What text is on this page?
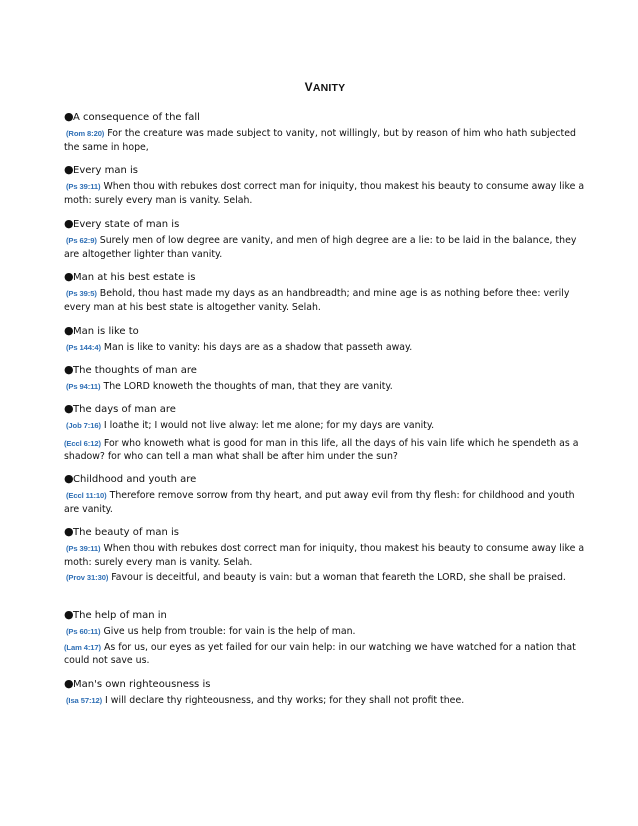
VANITY
●A consequence of the fall
(Rom 8:20) For the creature was made subject to vanity, not willingly, but by reason of him who hath subjected the same in hope,
●Every man is
(Ps 39:11) When thou with rebukes dost correct man for iniquity, thou makest his beauty to consume away like a moth: surely every man is vanity. Selah.
●Every state of man is
(Ps 62:9) Surely men of low degree are vanity, and men of high degree are a lie: to be laid in the balance, they are altogether lighter than vanity.
●Man at his best estate is
(Ps 39:5) Behold, thou hast made my days as an handbreadth; and mine age is as nothing before thee: verily every man at his best state is altogether vanity. Selah.
●Man is like to
(Ps 144:4) Man is like to vanity: his days are as a shadow that passeth away.
●The thoughts of man are
(Ps 94:11) The LORD knoweth the thoughts of man, that they are vanity.
●The days of man are
(Job 7:16) I loathe it; I would not live alway: let me alone; for my days are vanity.
(Eccl 6:12) For who knoweth what is good for man in this life, all the days of his vain life which he spendeth as a shadow? for who can tell a man what shall be after him under the sun?
●Childhood and youth are
(Eccl 11:10) Therefore remove sorrow from thy heart, and put away evil from thy flesh: for childhood and youth are vanity.
●The beauty of man is
(Ps 39:11) When thou with rebukes dost correct man for iniquity, thou makest his beauty to consume away like a moth: surely every man is vanity. Selah.
(Prov 31:30) Favour is deceitful, and beauty is vain: but a woman that feareth the LORD, she shall be praised.
●The help of man in
(Ps 60:11) Give us help from trouble: for vain is the help of man.
(Lam 4:17) As for us, our eyes as yet failed for our vain help: in our watching we have watched for a nation that could not save us.
●Man's own righteousness is
(Isa 57:12) I will declare thy righteousness, and thy works; for they shall not profit thee.
